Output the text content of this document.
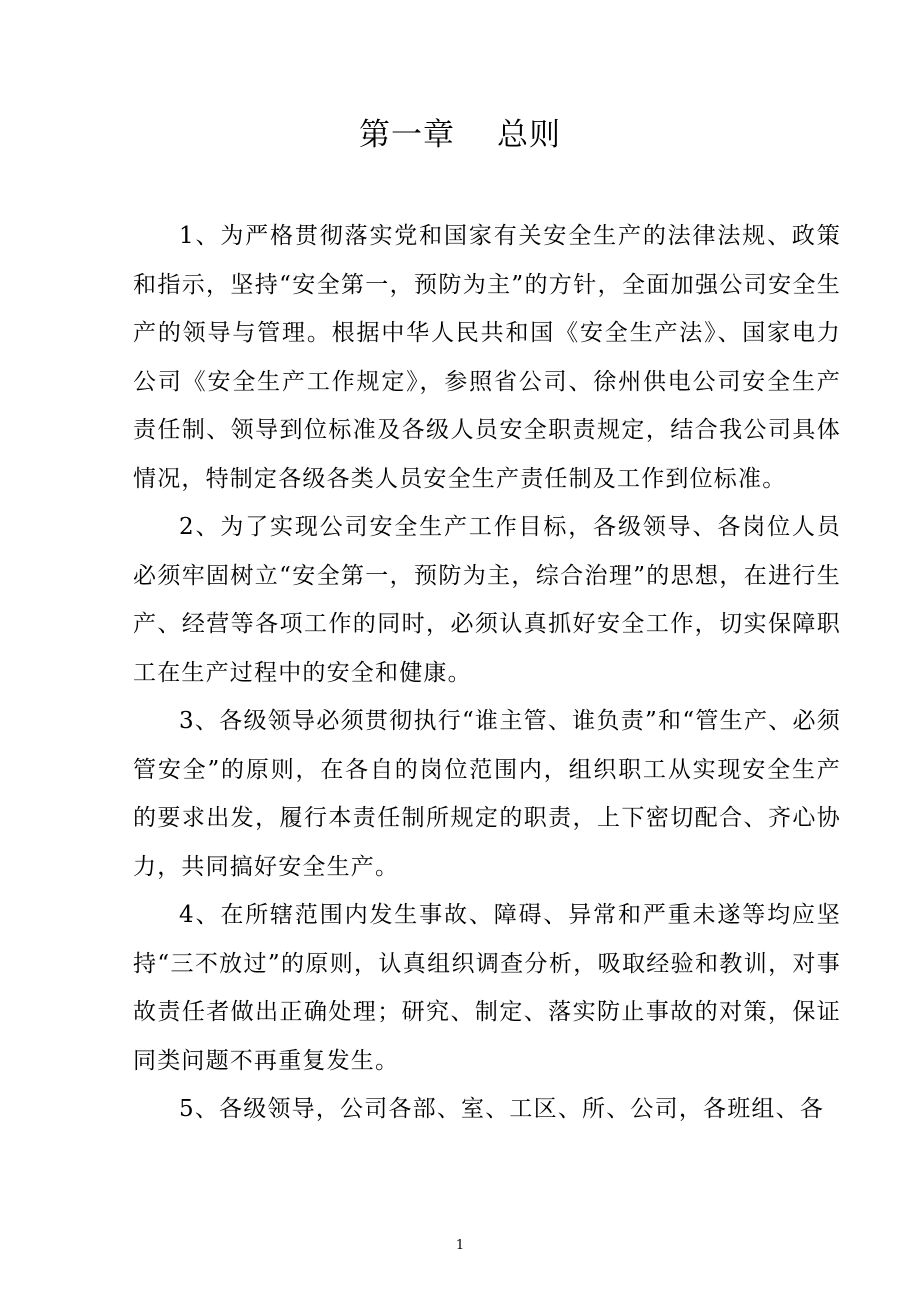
第一章 总则

1、为严格贯彻落实党和国家有关安全生产的法律法规、政策和指示，坚持“安全第一，预防为主”的方针，全面加强公司安全生产的领导与管理。根据中华人民共和国《安全生产法》、国家电力公司《安全生产工作规定》，参照省公司、徐州供电公司安全生产责任制、领导到位标准及各级人员安全职责规定，结合我公司具体情况，特制定各级各类人员安全生产责任制及工作到位标准。

2、为了实现公司安全生产工作目标，各级领导、各岗位人员必须牢固树立“安全第一，预防为主，综合治理”的思想，在进行生产、经营等各项工作的同时，必须认真抓好安全工作，切实保障职工在生产过程中的安全和健康。

3、各级领导必须贯彻执行“谁主管、谁负责”和“管生产、必须管安全”的原则，在各自的岗位范围内，组织职工从实现安全生产的要求出发，履行本责任制所规定的职责，上下密切配合、齐心协力，共同搞好安全生产。

4、在所辖范围内发生事故、障碍、异常和严重未遂等均应坚持“三不放过”的原则，认真组织调查分析，吸取经验和教训，对事故责任者做出正确处理；研究、制定、落实防止事故的对策，保证同类问题不再重复发生。

5、各级领导，公司各部、室、工区、所、公司，各班组、各

1
